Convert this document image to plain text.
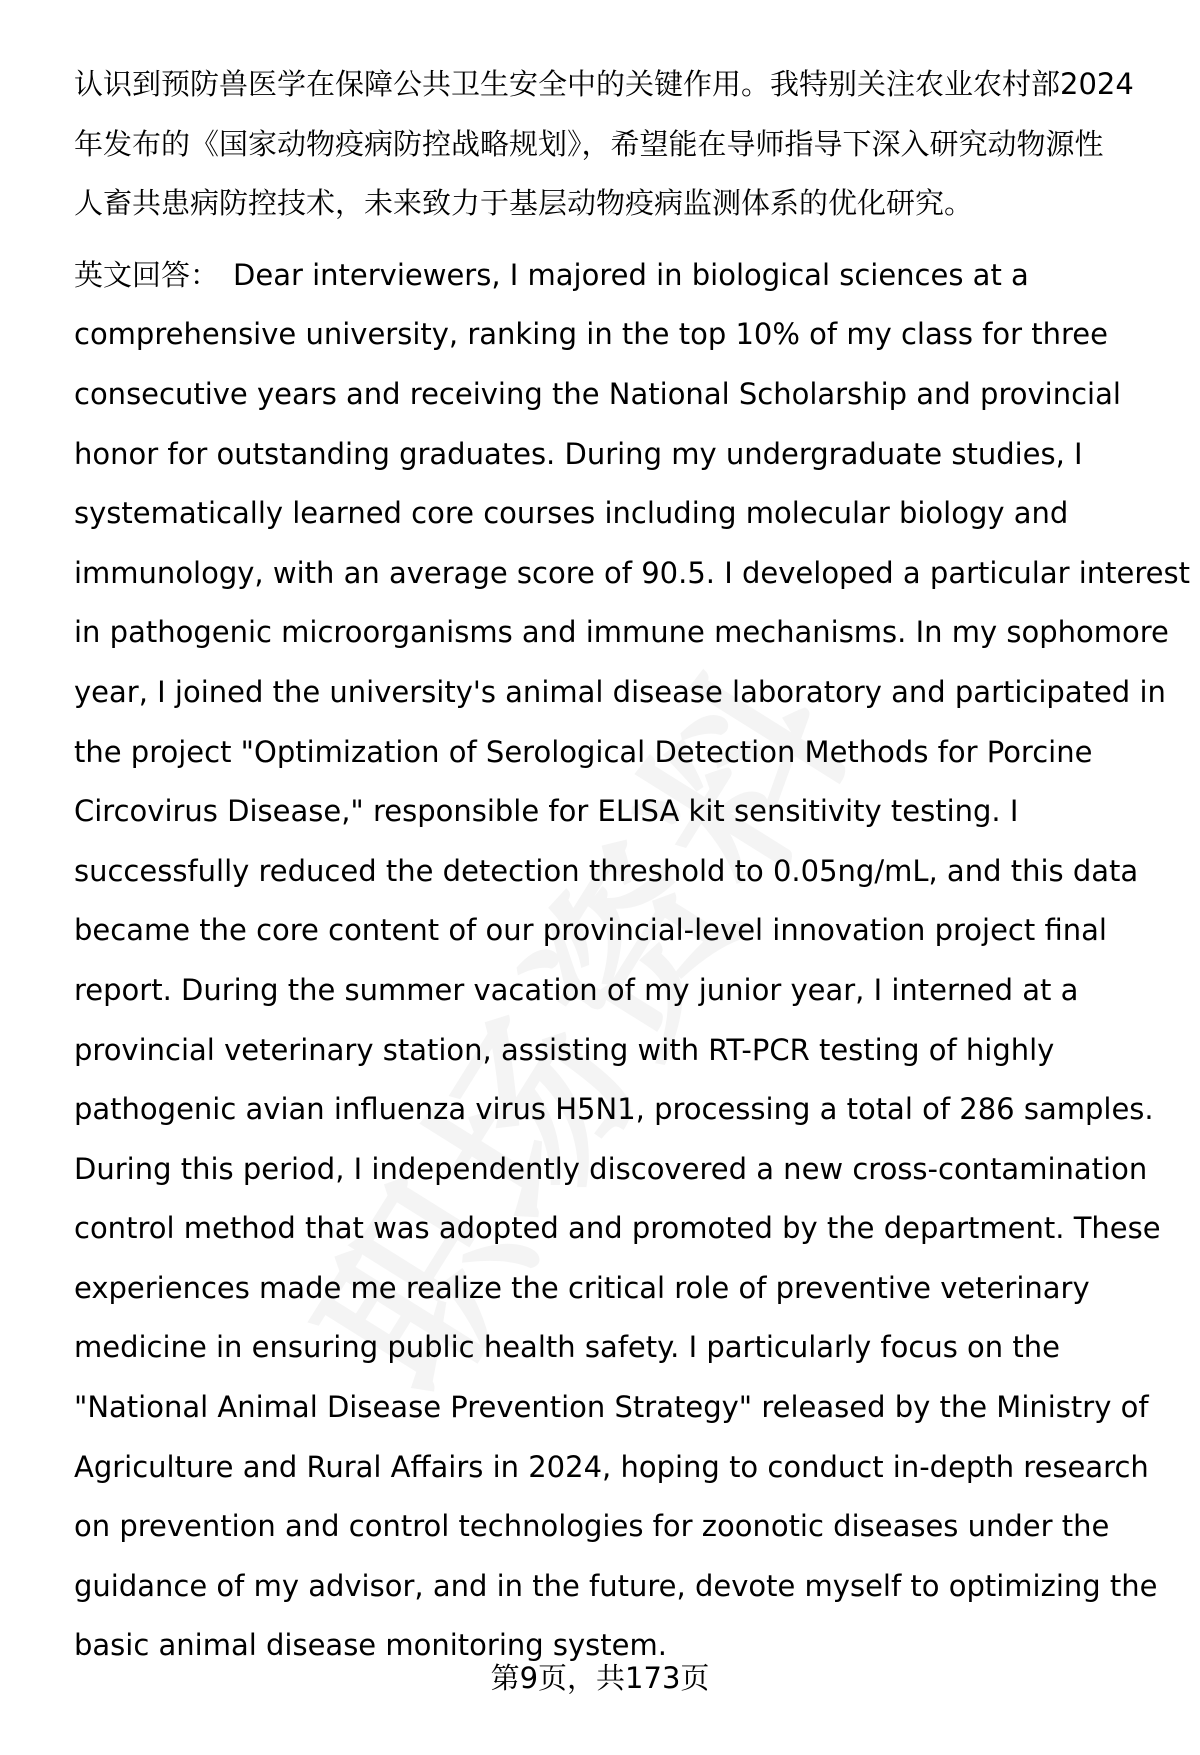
认识到预防兽医学在保障公共卫生安全中的关键作用。我特别关注农业农村部2024
年发布的《国家动物疫病防控战略规划》，希望能在导师指导下深入研究动物源性
人畜共患病防控技术，未来致力于基层动物疫病监测体系的优化研究。

英文回答： Dear interviewers, I majored in biological sciences at a
comprehensive university, ranking in the top 10% of my class for three
consecutive years and receiving the National Scholarship and provincial
honor for outstanding graduates. During my undergraduate studies, I
systematically learned core courses including molecular biology and
immunology, with an average score of 90.5. I developed a particular interest
in pathogenic microorganisms and immune mechanisms. In my sophomore
year, I joined the university's animal disease laboratory and participated in
the project "Optimization of Serological Detection Methods for Porcine
Circovirus Disease," responsible for ELISA kit sensitivity testing. I
successfully reduced the detection threshold to 0.05ng/mL, and this data
became the core content of our provincial-level innovation project final
report. During the summer vacation of my junior year, I interned at a
provincial veterinary station, assisting with RT-PCR testing of highly
pathogenic avian influenza virus H5N1, processing a total of 286 samples.
During this period, I independently discovered a new cross-contamination
control method that was adopted and promoted by the department. These
experiences made me realize the critical role of preventive veterinary
medicine in ensuring public health safety. I particularly focus on the
"National Animal Disease Prevention Strategy" released by the Ministry of
Agriculture and Rural Affairs in 2024, hoping to conduct in-depth research
on prevention and control technologies for zoonotic diseases under the
guidance of my advisor, and in the future, devote myself to optimizing the
basic animal disease monitoring system.

第9页，共173页
